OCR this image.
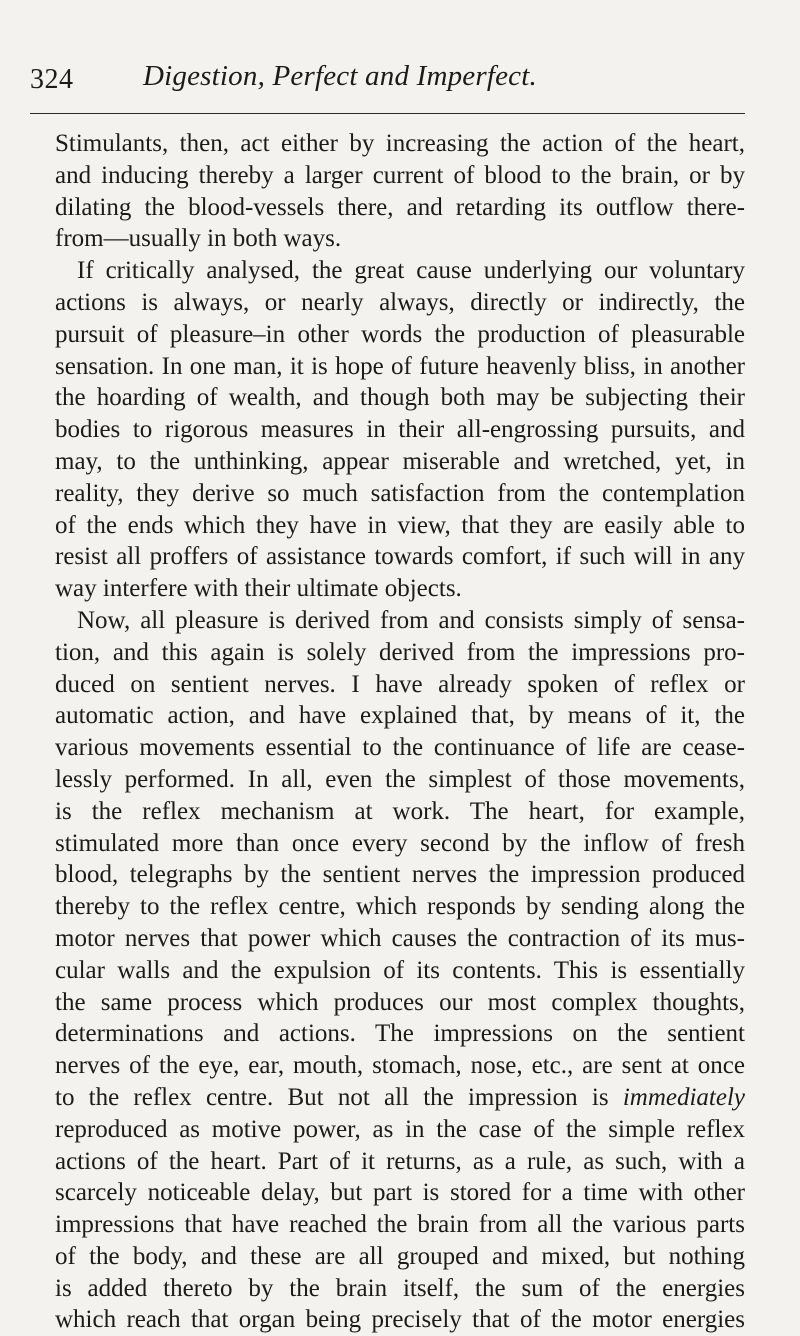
324 Digestion, Perfect and Imperfect.
Stimulants, then, act either by increasing the action of the heart,
and inducing thereby a larger current of blood to the brain, or by
dilating the blood-vessels there, and retarding its outflow there-
from—usually in both ways.
If critically analysed, the great cause underlying our voluntary
actions is always, or nearly always, directly or indirectly, the
pursuit of pleasure–in other words the production of pleasurable
sensation. In one man, it is hope of future heavenly bliss, in another
the hoarding of wealth, and though both may be subjecting their
bodies to rigorous measures in their all-engrossing pursuits, and
may, to the unthinking, appear miserable and wretched, yet, in
reality, they derive so much satisfaction from the contemplation
of the ends which they have in view, that they are easily able to
resist all proffers of assistance towards comfort, if such will in any
way interfere with their ultimate objects.
Now, all pleasure is derived from and consists simply of sensa-
tion, and this again is solely derived from the impressions pro-
duced on sentient nerves. I have already spoken of reflex or
automatic action, and have explained that, by means of it, the
various movements essential to the continuance of life are cease-
lessly performed. In all, even the simplest of those movements,
is the reflex mechanism at work. The heart, for example,
stimulated more than once every second by the inflow of fresh
blood, telegraphs by the sentient nerves the impression produced
thereby to the reflex centre, which responds by sending along the
motor nerves that power which causes the contraction of its mus-
cular walls and the expulsion of its contents. This is essentially
the same process which produces our most complex thoughts,
determinations and actions. The impressions on the sentient
nerves of the eye, ear, mouth, stomach, nose, etc., are sent at once
to the reflex centre. But not all the impression is immediately
reproduced as motive power, as in the case of the simple reflex
actions of the heart. Part of it returns, as a rule, as such, with a
scarcely noticeable delay, but part is stored for a time with other
impressions that have reached the brain from all the various parts
of the body, and these are all grouped and mixed, but nothing
is added thereto by the brain itself, the sum of the energies
which reach that organ being precisely that of the motor energies
